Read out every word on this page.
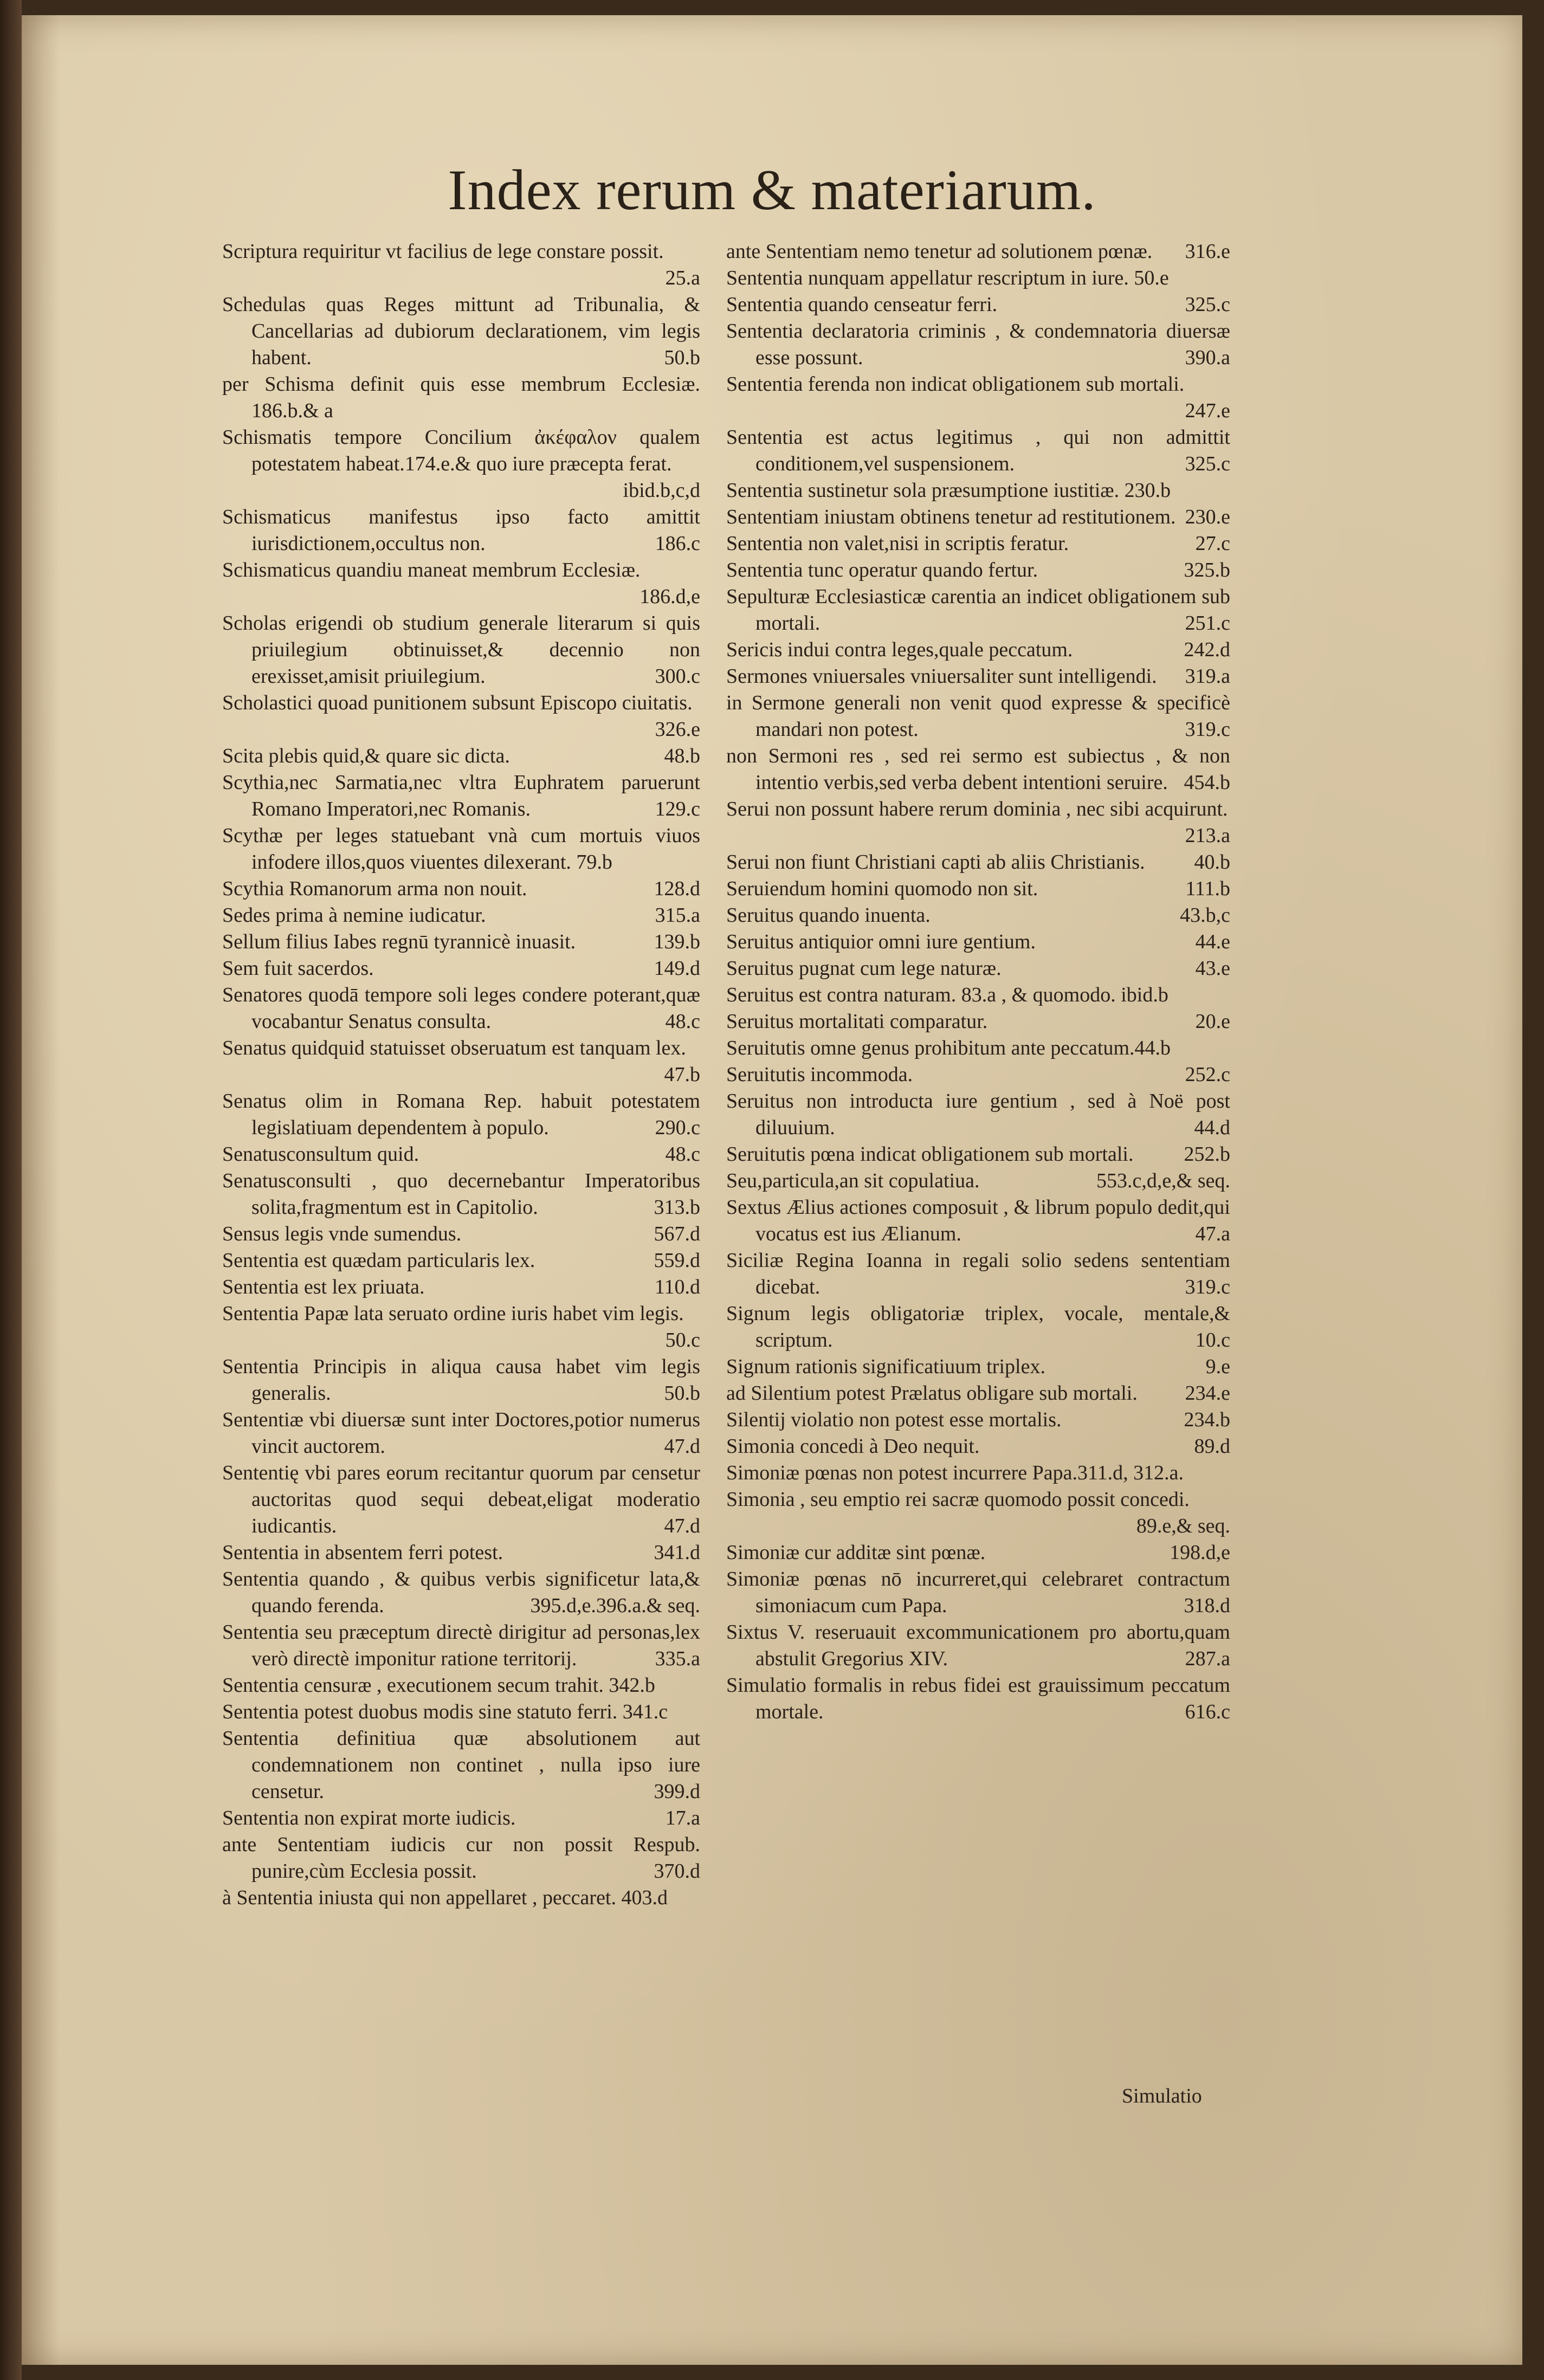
Index rerum & materiarum.
Scriptura requiritur vt facilius de lege constare possit.
25.a
Schedulas quas Reges mittunt ad Tribunalia, & Cancellarias ad dubiorum declarationem, vim legis habent.	50.b
per Schisma definit quis esse membrum Ecclesiæ. 186.b.& a
Schismatis tempore Concilium ἀκέφαλον qualem potestatem habeat.174.e.& quo iure præcepta ferat.
ibid.b,c,d
Schismaticus manifestus ipso facto amittit iurisdictionem,occultus non.	186.c
Schismaticus quandiu maneat membrum Ecclesiæ.
186.d,e
Scholas erigendi ob studium generale literarum si quis priuilegium obtinuisset,& decennio non erexisset,amisit priuilegium.	300.c
Scholastici quoad punitionem subsunt Episcopo ciuitatis.
326.e
Scita plebis quid,& quare sic dicta.	48.b
Scythia,nec Sarmatia,nec vltra Euphratem paruerunt Romano Imperatori,nec Romanis.	129.c
Scythæ per leges statuebant vnà cum mortuis viuos infodere illos,quos viuentes dilexerant. 79.b
Scythia Romanorum arma non nouit.	128.d
Sedes prima à nemine iudicatur.	315.a
Sellum filius Iabes regnū tyrannicè inuasit.	139.b
Sem fuit sacerdos.	149.d
Senatores quodā tempore soli leges condere poterant,quæ vocabantur Senatus consulta.	48.c
Senatus quidquid statuisset obseruatum est tanquam lex.
47.b
Senatus olim in Romana Rep. habuit potestatem legislatiuam dependentem à populo.	290.c
Senatusconsultum quid.	48.c
Senatusconsulti , quo decernebantur Imperatoribus solita,fragmentum est in Capitolio.	313.b
Sensus legis vnde sumendus.	567.d
Sententia est quædam particularis lex.	559.d
Sententia est lex priuata.	110.d
Sententia Papæ lata seruato ordine iuris habet vim legis.
50.c
Sententia Principis in aliqua causa habet vim legis generalis.	50.b
Sententiæ vbi diuersæ sunt inter Doctores,potior numerus vincit auctorem.	47.d
Sententię vbi pares eorum recitantur quorum par censetur auctoritas quod sequi debeat,eligat moderatio iudicantis.	47.d
Sententia in absentem ferri potest.	341.d
Sententia quando , & quibus verbis significetur lata,& quando ferenda.	395.d,e.396.a.& seq.
Sententia seu præceptum directè dirigitur ad personas,lex verò directè imponitur ratione territorij.	335.a
Sententia censuræ , executionem secum trahit. 342.b
Sententia potest duobus modis sine statuto ferri. 341.c
Sententia definitiua quæ absolutionem aut condemnationem non continet , nulla ipso iure censetur.	399.d
Sententia non expirat morte iudicis.	17.a
ante Sententiam iudicis cur non possit Respub. punire,cùm Ecclesia possit.	370.d
à Sententia iniusta qui non appellaret , peccaret. 403.d
ante Sententiam nemo tenetur ad solutionem pœnæ.	316.e
Sententia nunquam appellatur rescriptum in iure. 50.e
Sententia quando censeatur ferri.	325.c
Sententia declaratoria criminis , & condemnatoria diuersæ esse possunt.	390.a
Sententia ferenda non indicat obligationem sub mortali.
247.e
Sententia est actus legitimus , qui non admittit conditionem,vel suspensionem.	325.c
Sententia sustinetur sola præsumptione iustitiæ. 230.b
Sententiam iniustam obtinens tenetur ad restitutionem. 230.e
Sententia non valet,nisi in scriptis feratur.	27.c
Sententia tunc operatur quando fertur.	325.b
Sepulturæ Ecclesiasticæ carentia an indicet obligationem sub mortali.	251.c
Sericis indui contra leges,quale peccatum.	242.d
Sermones vniuersales vniuersaliter sunt intelligendi.	319.a
in Sermone generali non venit quod expresse & specificè mandari non potest.	319.c
non Sermoni res , sed rei sermo est subiectus , & non intentio verbis,sed verba debent intentioni seruire. 454.b
Serui non possunt habere rerum dominia , nec sibi acquirunt.
213.a
Serui non fiunt Christiani capti ab aliis Christianis.	40.b
Seruiendum homini quomodo non sit.	111.b
Seruitus quando inuenta.	43.b,c
Seruitus antiquior omni iure gentium.	44.e
Seruitus pugnat cum lege naturæ.	43.e
Seruitus est contra naturam. 83.a , & quomodo. ibid.b
Seruitus mortalitati comparatur.	20.e
Seruitutis omne genus prohibitum ante peccatum.44.b
Seruitutis incommoda.	252.c
Seruitus non introducta iure gentium , sed à Noë post diluuium.	44.d
Seruitutis pœna indicat obligationem sub mortali.	252.b
Seu,particula,an sit copulatiua.	553.c,d,e,& seq.
Sextus Ælius actiones composuit , & librum populo dedit,qui vocatus est ius Ælianum.	47.a
Siciliæ Regina Ioanna in regali solio sedens sententiam dicebat.	319.c
Signum legis obligatoriæ triplex, vocale, mentale,& scriptum.	10.c
Signum rationis significatiuum triplex.	9.e
ad Silentium potest Prælatus obligare sub mortali.	234.e
Silentij violatio non potest esse mortalis.	234.b
Simonia concedi à Deo nequit.	89.d
Simoniæ pœnas non potest incurrere Papa.311.d, 312.a.
Simonia , seu emptio rei sacræ quomodo possit concedi.
89.e,& seq.
Simoniæ cur additæ sint pœnæ.	198.d,e
Simoniæ pœnas nō incurreret,qui celebraret contractum simoniacum cum Papa.	318.d
Sixtus V. reseruauit excommunicationem pro abortu,quam abstulit Gregorius XIV.	287.a
Simulatio formalis in rebus fidei est grauissimum peccatum mortale.	616.c
Simulatio
